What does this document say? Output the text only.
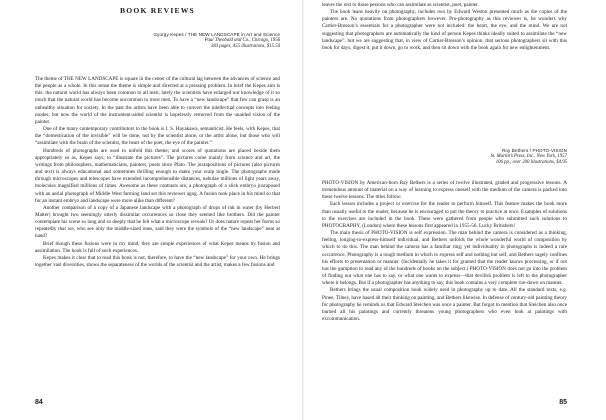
BOOK REVIEWS
Gyorgy Kepes / THE NEW LANDSCAPE in Art and Science
Paul Theobald and Co., Chicago, 1956
383 pages, 455 illustrations, $15.50

The theme of THE NEW LANDSCAPE is square in the center of the cultural lag between the advances of science and the people as a whole. In this sense the theme is simple and directed at a pressing problem. In brief the Kepes aim is this: the natural world has always been common to all men; lately the scientists have enlarged our knowledge of it so much that the natural world has become uncommon to most men. To have a “new landscape” that few can grasp is an unhealthy situation for society. In the past the artists have been able to convert the intellectual concepts into feeling modes; but now the world of the instrument-aided scientist is hopelessly removed from the unaided vision of the painter.

One of the many contemporary contributors to the book is I. S. Hayakawa, semanticist. He feels, with Kepes, that the “domestication of the invisible” will be done, not by the scientist alone, or the artist alone, but those who will “assimilate with the brain of the scientist, the heart of the poet, the eye of the painter.”

Hundreds of photographs are used to unfold this theme; and scores of quotations are placed beside them appropriately so as, Kepes says, to “illustrate the pictures”. The pictures come mainly from science and art, the writings from philosophers, mathematicians, painters, poets since Plato. The juxtapositions of pictures (also pictures and text) is always educational and sometimes thrilling enough to make your scalp tingle. The photographs made through microscopes and telescopes have extended incomprehensible distances, nebulae millions of light years away, molecules magnified millions of times. Awesome as these contrasts are, a photograph of a slick embryo juxtaposed with an aerial photograph of Middle West farming land set this reviewer agog. A fusion took place in his mind so that for an instant embryo and landscape were more alike than different?

Another comparison of a copy of a Japanese landscape with a photograph of drops of ink in water (by Herbert Matter) brought two seemingly utterly dissimilar occurrences so close they seemed like brothers. Did the painter contemplate his scene so long and so deeply that he felt what a microscope reveals? Or does nature repeat her forms so repeatedly that we, who see only the middle-sized ones, said they were the symbols of the “new landscape” near at hand?

Brief though these fusions were in my mind, they are simple experiences of what Kepes means by fusion and assimilation. The book is full of such experiences.

Kepes makes it clear that to read this book is not, therefore, to have the “new landscape” for your own. He brings together vast diversities, shows the separateness of the worlds of the scientist and the artist, makes a few fusions and

84

leaves the rest to those persons who can assimilate as scientist, poet, painter.

The book leans heavily on photography, includes two by Edward Weston presented much as the copies of the painters are. No quotations from photographers however. Pro-photography as this reviewer is, he wonders why Cartier-Bresson’s essentials for a photographer were not included: the heart, the eye, and the mind. We are not suggesting that photographers are automatically the kind of person Kepes thinks ideally suited to assimilate the “new landscape”, but we are suggesting that, in view of Cartier-Bresson’s opinion, that serious photographers sit with this book for days, digest it, put it down, go to work, and then sit down with the book again for new enlightenment.

Roy Bethers / PHOTO-VISION
St. Martin’s Press, Inc., New York, 1957
106 pp., over 200 illustrations, $4.95

PHOTO-VISION by American-born Ray Bethers is a series of twelve illustrated, graded and progressive lessons. A tremendous amount of material on a way of learning to express oneself with the medium of the camera is packed into these twelve lessons. The titles follow:

Each lesson includes a project or exercise for the reader to perform himself. This feature makes the book more than usually useful to the reader, because he is encouraged to put the theory to practice at once. Examples of solutions to the exercises are included in the book. These were gathered from people who submitted such solutions to PHOTOGRAPHY, (London) where these lessons first appeared in 1955-56. Lucky Britishers!

The main thesis of PHOTO-VISION is self expression. The man behind the camera is considered as a thinking, feeling, longing-to-express-himself individual, and Bethers unfolds the whole wonderful world of composition by which to do this. The man behind the camera has a familiar ring; yet individuality in photographs is indeed a rare occurrence. Photography is a tough medium in which to express self and nothing but self, and Bethers sagely confines his efforts to presentation or manner. (Incidentally he takes it for granted that the reader knows processing, or if not has the gumption to read any of the hundreds of books on the subject.) PHOTO-VISION does not go into the problem of finding out what one has to say, or what one wants to express—that devilish problem is left to the photographer where it belongs. But if a photographer has anything to say, this book contains a very complete run-down on manner.

Bethers brings the usual composition book widely used in photography up to date. All the standard texts, e.g. Pinee, Tilney, have based all their thinking on painting, and Bethers likewise. In defense of century-old painting theory for photography he reminds us that Edward Steichen was once a painter. But forgot to mention that Steichen also once burned all his paintings and currently threatens young photographers who even look at paintings with excommunication.

85
